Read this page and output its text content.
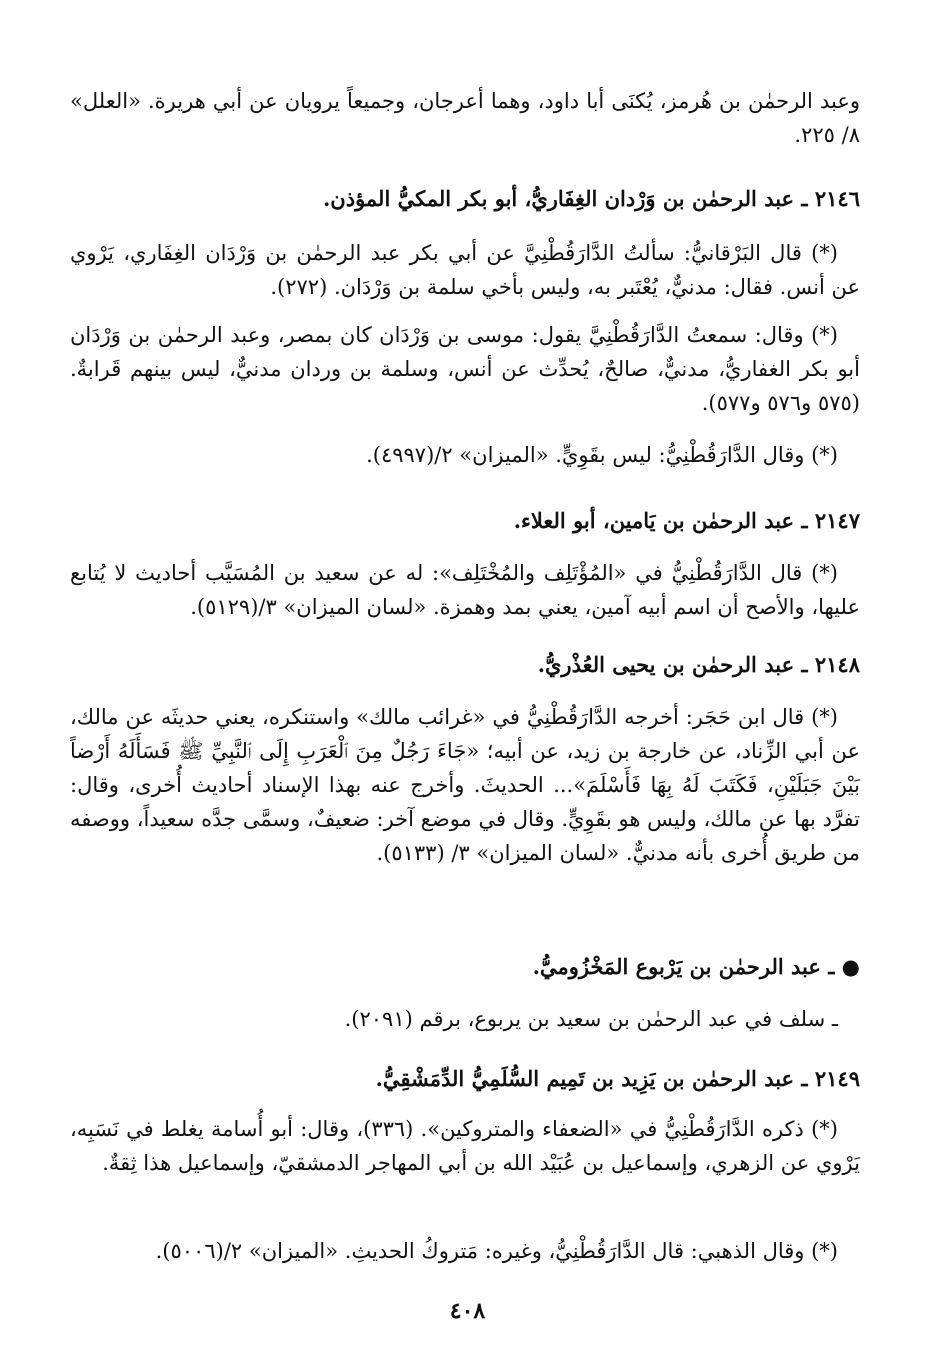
وعبد الرحمٰن بن هُرمز، يُكنَى أبا داود، وهما أعرجان، وجميعاً يرويان عن أبي هريرة. «العلل» ٨/ ٢٢٥.
٢١٤٦ ـ عبد الرحمٰن بن وَرْدان الغِفَاريُّ، أبو بكر المكيُّ المؤذن.
(*) قال البَرْقانيُّ: سألتُ الدَّارَقُطْنِيَّ عن أبي بكر عبد الرحمٰن بن وَرْدَان الغِفَاري، يَرْوي عن أنس. فقال: مدنيٌّ، يُعْتَبر به، وليس بأخي سلمة بن وَرْدَان. (٢٧٢).
(*) وقال: سمعتُ الدَّارَقُطْنِيَّ يقول: موسى بن وَرْدَان كان بمصر، وعبد الرحمٰن بن وَرْدَان أبو بكر الغفاريُّ، مدنيٌّ، صالحٌ، يُحدِّث عن أنس، وسلمة بن وردان مدنيٌّ، ليس بينهم قَرابةٌ. (٥٧٥ و٥٧٦ و٥٧٧).
(*) وقال الدَّارَقُطْنِيُّ: ليس بقَوِيٍّ. «الميزان» ٢/(٤٩٩٧).
٢١٤٧ ـ عبد الرحمٰن بن يَامين، أبو العلاء.
(*) قال الدَّارَقُطْنِيُّ في «المُؤْتَلِف والمُخْتَلِف»: له عن سعيد بن المُسَيَّب أحاديث لا يُتابع عليها، والأصح أن اسم أبيه آمين، يعني بمد وهمزة. «لسان الميزان» ٣/(٥١٢٩).
٢١٤٨ ـ عبد الرحمٰن بن يحيى العُذْريُّ.
(*) قال ابن حَجَر: أخرجه الدَّارَقُطْنِيُّ في «غرائب مالك» واستنكره، يعني حديثَه عن مالك، عن أبي الزِّناد، عن خارجة بن زيد، عن أبيه؛ «جَاءَ رَجُلٌ مِنَ ٱلْعَرَبِ إِلَى ٱلنَّبِيِّ ﷺ فَسَأَلَهُ أَرْضاً بَيْنَ جَبَلَيْنِ، فَكَتَبَ لَهُ بِهَا فَأَسْلَمَ»... الحديثَ. وأخرج عنه بهذا الإسناد أحاديث أُخرى، وقال: تفرَّد بها عن مالك، وليس هو بقَوِيٍّ. وقال في موضع آخر: ضعيفٌ، وسمَّى جدَّه سعيداً، ووصفه من طريق أُخرى بأنه مدنيٌّ. «لسان الميزان» ٣/ (٥١٣٣).
● ـ عبد الرحمٰن بن يَرْبوع المَخْزُوميُّ.
ـ سلف في عبد الرحمٰن بن سعيد بن يربوع، برقم (٢٠٩١).
٢١٤٩ ـ عبد الرحمٰن بن يَزِيد بن تَمِيم السُّلَمِيُّ الدِّمَشْقِيُّ.
(*) ذكره الدَّارَقُطْنِيُّ في «الضعفاء والمتروكين». (٣٣٦)، وقال: أبو أُسامة يغلط في نَسَبِه، يَرْوي عن الزهري، وإسماعيل بن عُبَيْد الله بن أبي المهاجر الدمشقيّ، وإسماعيل هذا ثِقةٌ.
(*) وقال الذهبي: قال الدَّارَقُطْنِيُّ، وغيره: مَتروكُ الحديثِ. «الميزان» ٢/(٥٠٠٦).
٤٠٨
